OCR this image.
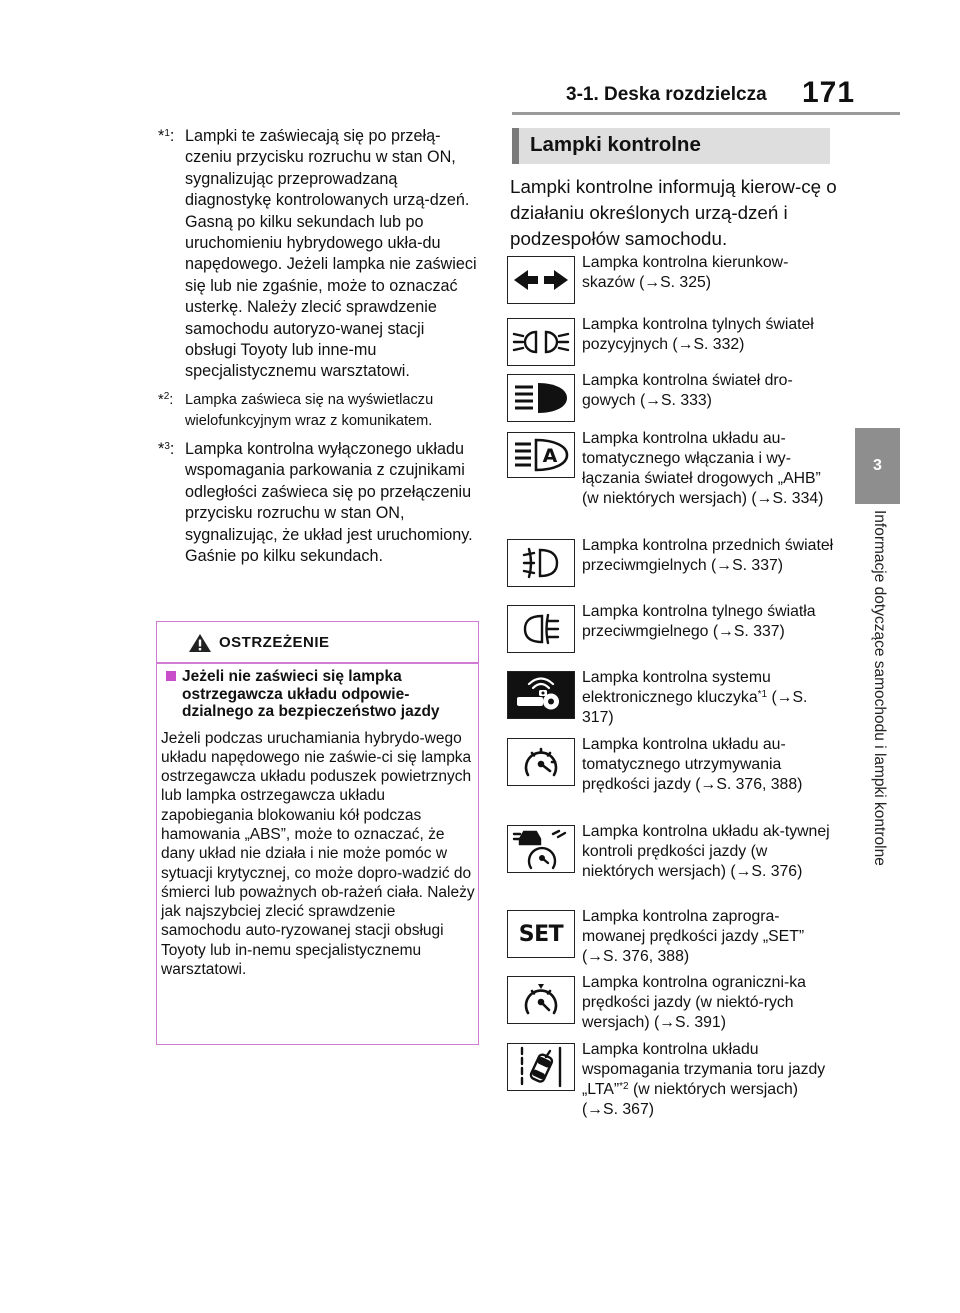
3-1. Deska rozdzielcza 171
3
Informacje dotyczące samochodu i lampki kontrolne
*$^1$: Lampki te zaświecają się po przełą-czeniu przycisku rozruchu w stan ON, sygnalizując przeprowadzaną diagnostykę kontrolowanych urzą-dzeń. Gasną po kilku sekundach lub po uruchomieniu hybrydowego ukła-du napędowego. Jeżeli lampka nie zaświeci się lub nie zgaśnie, może to oznaczać usterkę. Należy zlecić sprawdzenie samochodu autoryzo-wanej stacji obsługi Toyoty lub inne-mu specjalistycznemu warsztatowi.
*$^2$: Lampka zaświeca się na wyświetlaczu wielofunkcyjnym wraz z komunikatem.
*$^3$: Lampka kontrolna wyłączonego układu wspomagania parkowania z czujnikami odległości zaświeca się po przełączeniu przycisku rozruchu w stan ON, sygnalizując, że układ jest uruchomiony. Gaśnie po kilku sekundach.
OSTRZEŻENIE
Jeżeli nie zaświeci się lampka ostrzegawcza układu odpowie-dzialnego za bezpieczeństwo jazdy
Jeżeli podczas uruchamiania hybrydo-wego układu napędowego nie zaświe-ci się lampka ostrzegawcza układu poduszek powietrznych lub lampka ostrzegawcza układu zapobiegania blokowaniu kół podczas hamowania „ABS”, może to oznaczać, że dany układ nie działa i nie może pomóc w sytuacji krytycznej, co może dopro-wadzić do śmierci lub poważnych ob-rażeń ciała. Należy jak najszybciej zlecić sprawdzenie samochodu auto-ryzowanej stacji obsługi Toyoty lub in-nemu specjalistycznemu warsztatowi.
Lampki kontrolne
Lampki kontrolne informują kierow-cę o działaniu określonych urzą-dzeń i podzespołów samochodu.
Lampka kontrolna kierunkow-skazów (→S. 325)
Lampka kontrolna tylnych świateł pozycyjnych (→S. 332)
Lampka kontrolna świateł dro-gowych (→S. 333)
A
Lampka kontrolna układu au-tomatycznego włączania i wy-łączania świateł drogowych „AHB” (w niektórych wersjach) (→S. 334)
Lampka kontrolna przednich świateł przeciwmgielnych (→S. 337)
Lampka kontrolna tylnego światła przeciwmgielnego (→S. 337)
Lampka kontrolna systemu elektronicznego kluczyka$^{*1}$ (→S. 317)
Lampka kontrolna układu au-tomatycznego utrzymywania prędkości jazdy (→S. 376, 388)
Lampka kontrolna układu ak-tywnej kontroli prędkości jazdy (w niektórych wersjach) (→S. 376)
SET
Lampka kontrolna zaprogra-mowanej prędkości jazdy „SET” (→S. 376, 388)
Lampka kontrolna ograniczni-ka prędkości jazdy (w niektó-rych wersjach) (→S. 391)
Lampka kontrolna układu wspomagania trzymania toru jazdy „LTA”$^{*2}$ (w niektórych wersjach) (→S. 367)
